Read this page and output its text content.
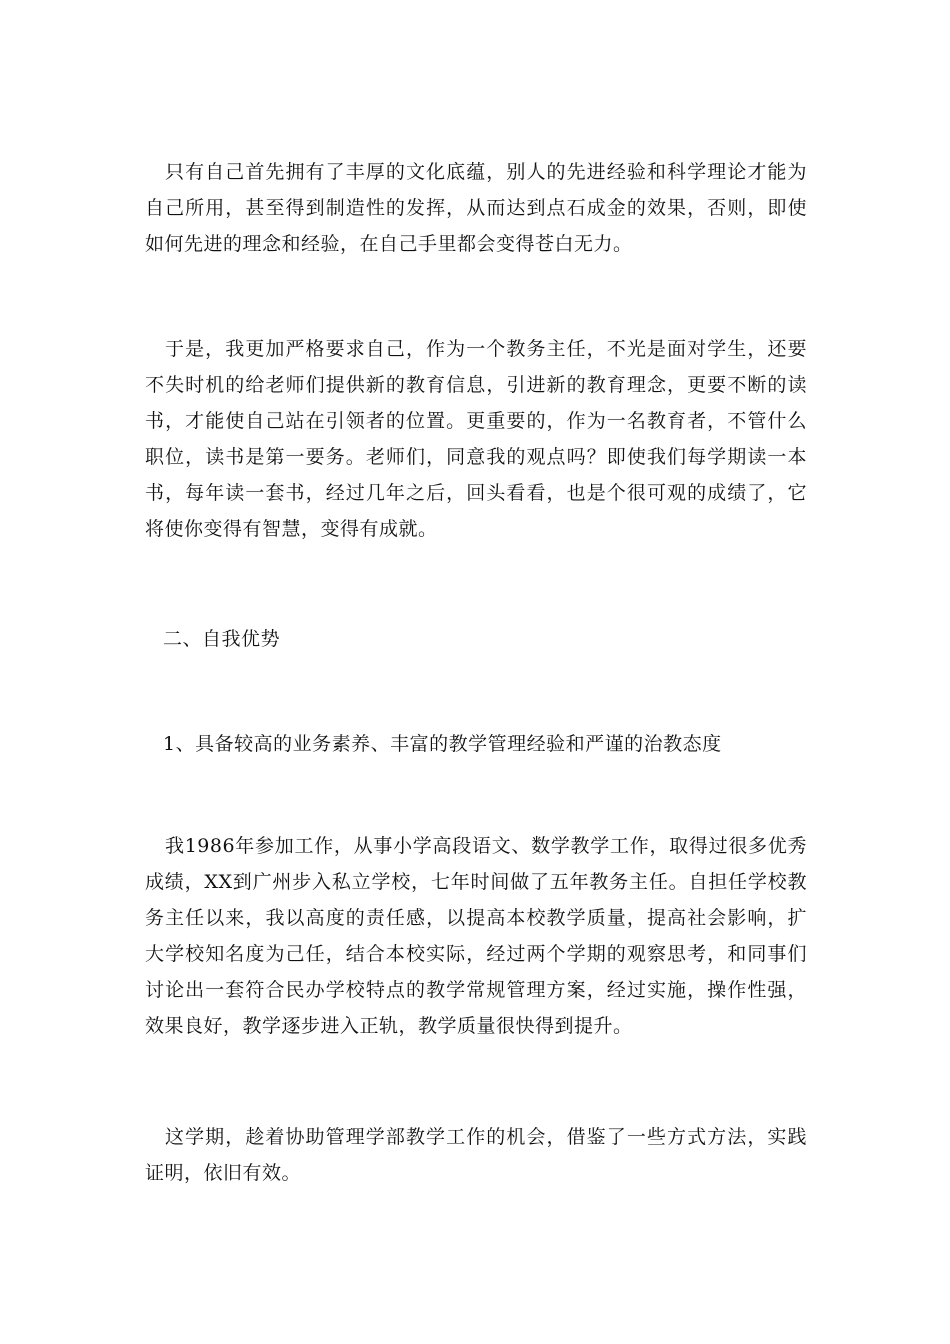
只有自己首先拥有了丰厚的文化底蕴，别人的先进经验和科学理论才能为自己所用，甚至得到制造性的发挥，从而达到点石成金的效果，否则，即使如何先进的理念和经验，在自己手里都会变得苍白无力。

于是，我更加严格要求自己，作为一个教务主任，不光是面对学生，还要不失时机的给老师们提供新的教育信息，引进新的教育理念，更要不断的读书，才能使自己站在引领者的位置。更重要的，作为一名教育者，不管什么职位，读书是第一要务。老师们，同意我的观点吗？即使我们每学期读一本书，每年读一套书，经过几年之后，回头看看，也是个很可观的成绩了，它将使你变得有智慧，变得有成就。

二、自我优势

1、具备较高的业务素养、丰富的教学管理经验和严谨的治教态度

我1986年参加工作，从事小学高段语文、数学教学工作，取得过很多优秀成绩，XX到广州步入私立学校，七年时间做了五年教务主任。自担任学校教务主任以来，我以高度的责任感，以提高本校教学质量，提高社会影响，扩大学校知名度为己任，结合本校实际，经过两个学期的观察思考，和同事们讨论出一套符合民办学校特点的教学常规管理方案，经过实施，操作性强，效果良好，教学逐步进入正轨，教学质量很快得到提升。

这学期，趁着协助管理学部教学工作的机会，借鉴了一些方式方法，实践证明，依旧有效。
